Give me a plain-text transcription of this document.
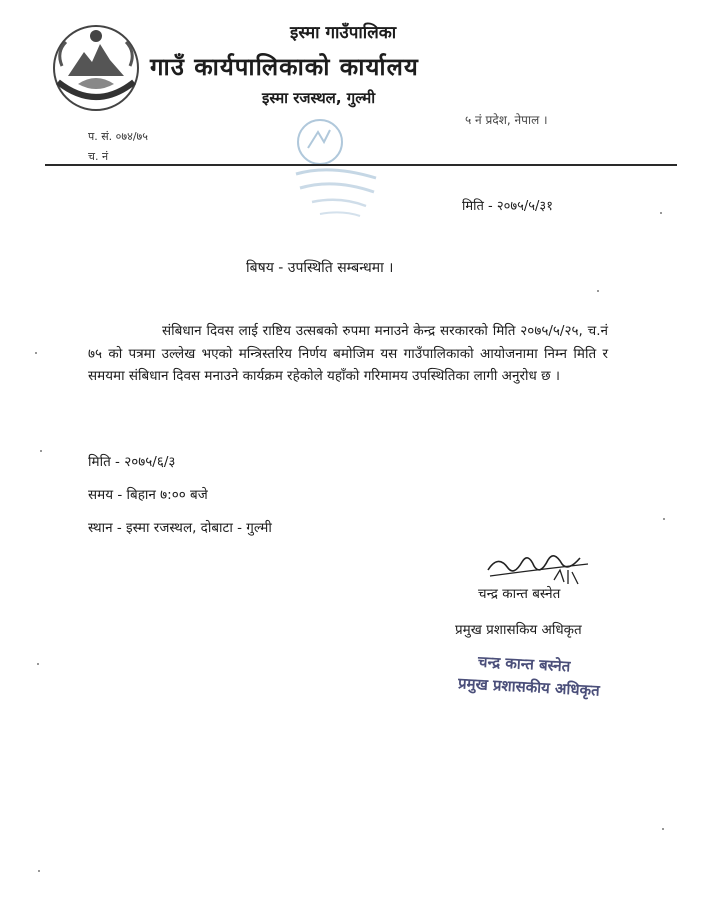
इस्मा गाउँपालिका
गाउँ कार्यपालिकाको कार्यालय
इस्मा रजस्थल, गुल्मी
५ नं प्रदेश, नेपाल ।
प. सं. ०७४/७५
च. नं
मिति - २०७५/५/३१
बिषय - उपस्थिति सम्बन्धमा ।
संबिधान दिवस लाई राष्टिय उत्सबको रुपमा मनाउने केन्द्र सरकारको मिति २०७५/५/२५, च.नं ७५ को पत्रमा उल्लेख भएको मन्त्रिस्तरिय निर्णय बमोजिम यस गाउँपालिकाको आयोजनामा निम्न मिति र समयमा संबिधान दिवस मनाउने कार्यक्रम रहेकोले यहाँको गरिमामय उपस्थितिका लागी अनुरोध छ ।
मिति - २०७५/६/३
समय - बिहान ७:०० बजे
स्थान - इस्मा रजस्थल, दोबाटा - गुल्मी
चन्द्र कान्त बस्नेत
प्रमुख प्रशासकिय अधिकृत
चन्द्र कान्त बस्नेत
प्रमुख प्रशासकीय अधिकृत
